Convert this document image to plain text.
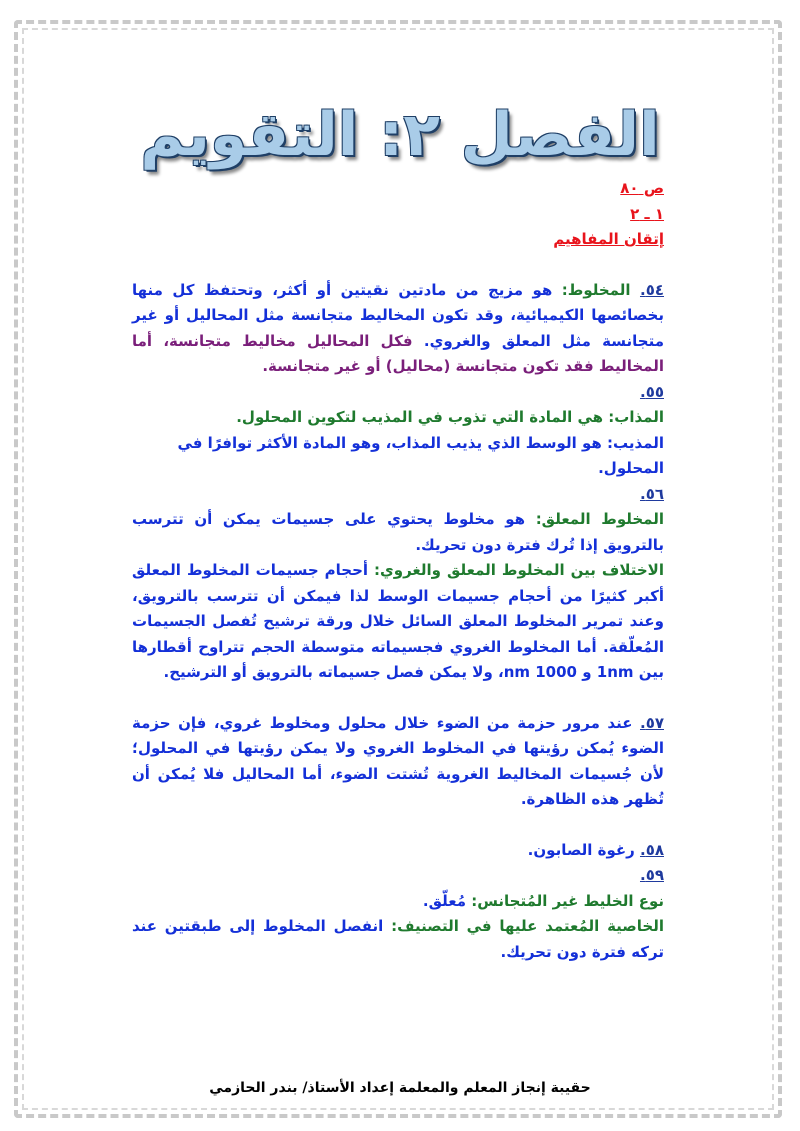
الفصل ٢: التقويم

ص ٨٠

١ ـ ٢

إتقان المفاهيم

٥٤. المخلوط: هو مزيج من مادتين نقيتين أو أكثر، وتحتفظ كل منها بخصائصها الكيميائية، وقد تكون المخاليط متجانسة مثل المحاليل أو غير متجانسة مثل المعلق والغروي. فكل المحاليل مخاليط متجانسة، أما المخاليط فقد تكون متجانسة (محاليل) أو غير متجانسة.

٥٥.

المذاب: هي المادة التي تذوب في المذيب لتكوين المحلول.

المذيب: هو الوسط الذي يذيب المذاب، وهو المادة الأكثر توافرًا في المحلول.

٥٦.

المخلوط المعلق: هو مخلوط يحتوي على جسيمات يمكن أن تترسب بالترويق إذا تُرك فترة دون تحريك.

الاختلاف بين المخلوط المعلق والغروي: أحجام جسيمات المخلوط المعلق أكبر كثيرًا من أحجام جسيمات الوسط لذا فيمكن أن تترسب بالترويق، وعند تمرير المخلوط المعلق السائل خلال ورقة ترشيح تُفصل الجسيمات المُعلّقة. أما المخلوط الغروي فجسيماته متوسطة الحجم تتراوح أقطارها بين 1nm و 1000 nm، ولا يمكن فصل جسيماته بالترويق أو الترشيح.

٥٧. عند مرور حزمة من الضوء خلال محلول ومخلوط غروي، فإن حزمة الضوء يُمكن رؤيتها في المخلوط الغروي ولا يمكن رؤيتها في المحلول؛ لأن جُسيمات المخاليط الغروية تُشتت الضوء، أما المحاليل فلا يُمكن أن تُظهر هذه الظاهرة.

٥٨. رغوة الصابون.

٥٩.

نوع الخليط غير المُتجانس: مُعلّق.

الخاصية المُعتمد عليها في التصنيف: انفصل المخلوط إلى طبقتين عند تركه فترة دون تحريك.

حقيبة إنجاز المعلم والمعلمة إعداد الأستاذ/ بندر الحازمي
